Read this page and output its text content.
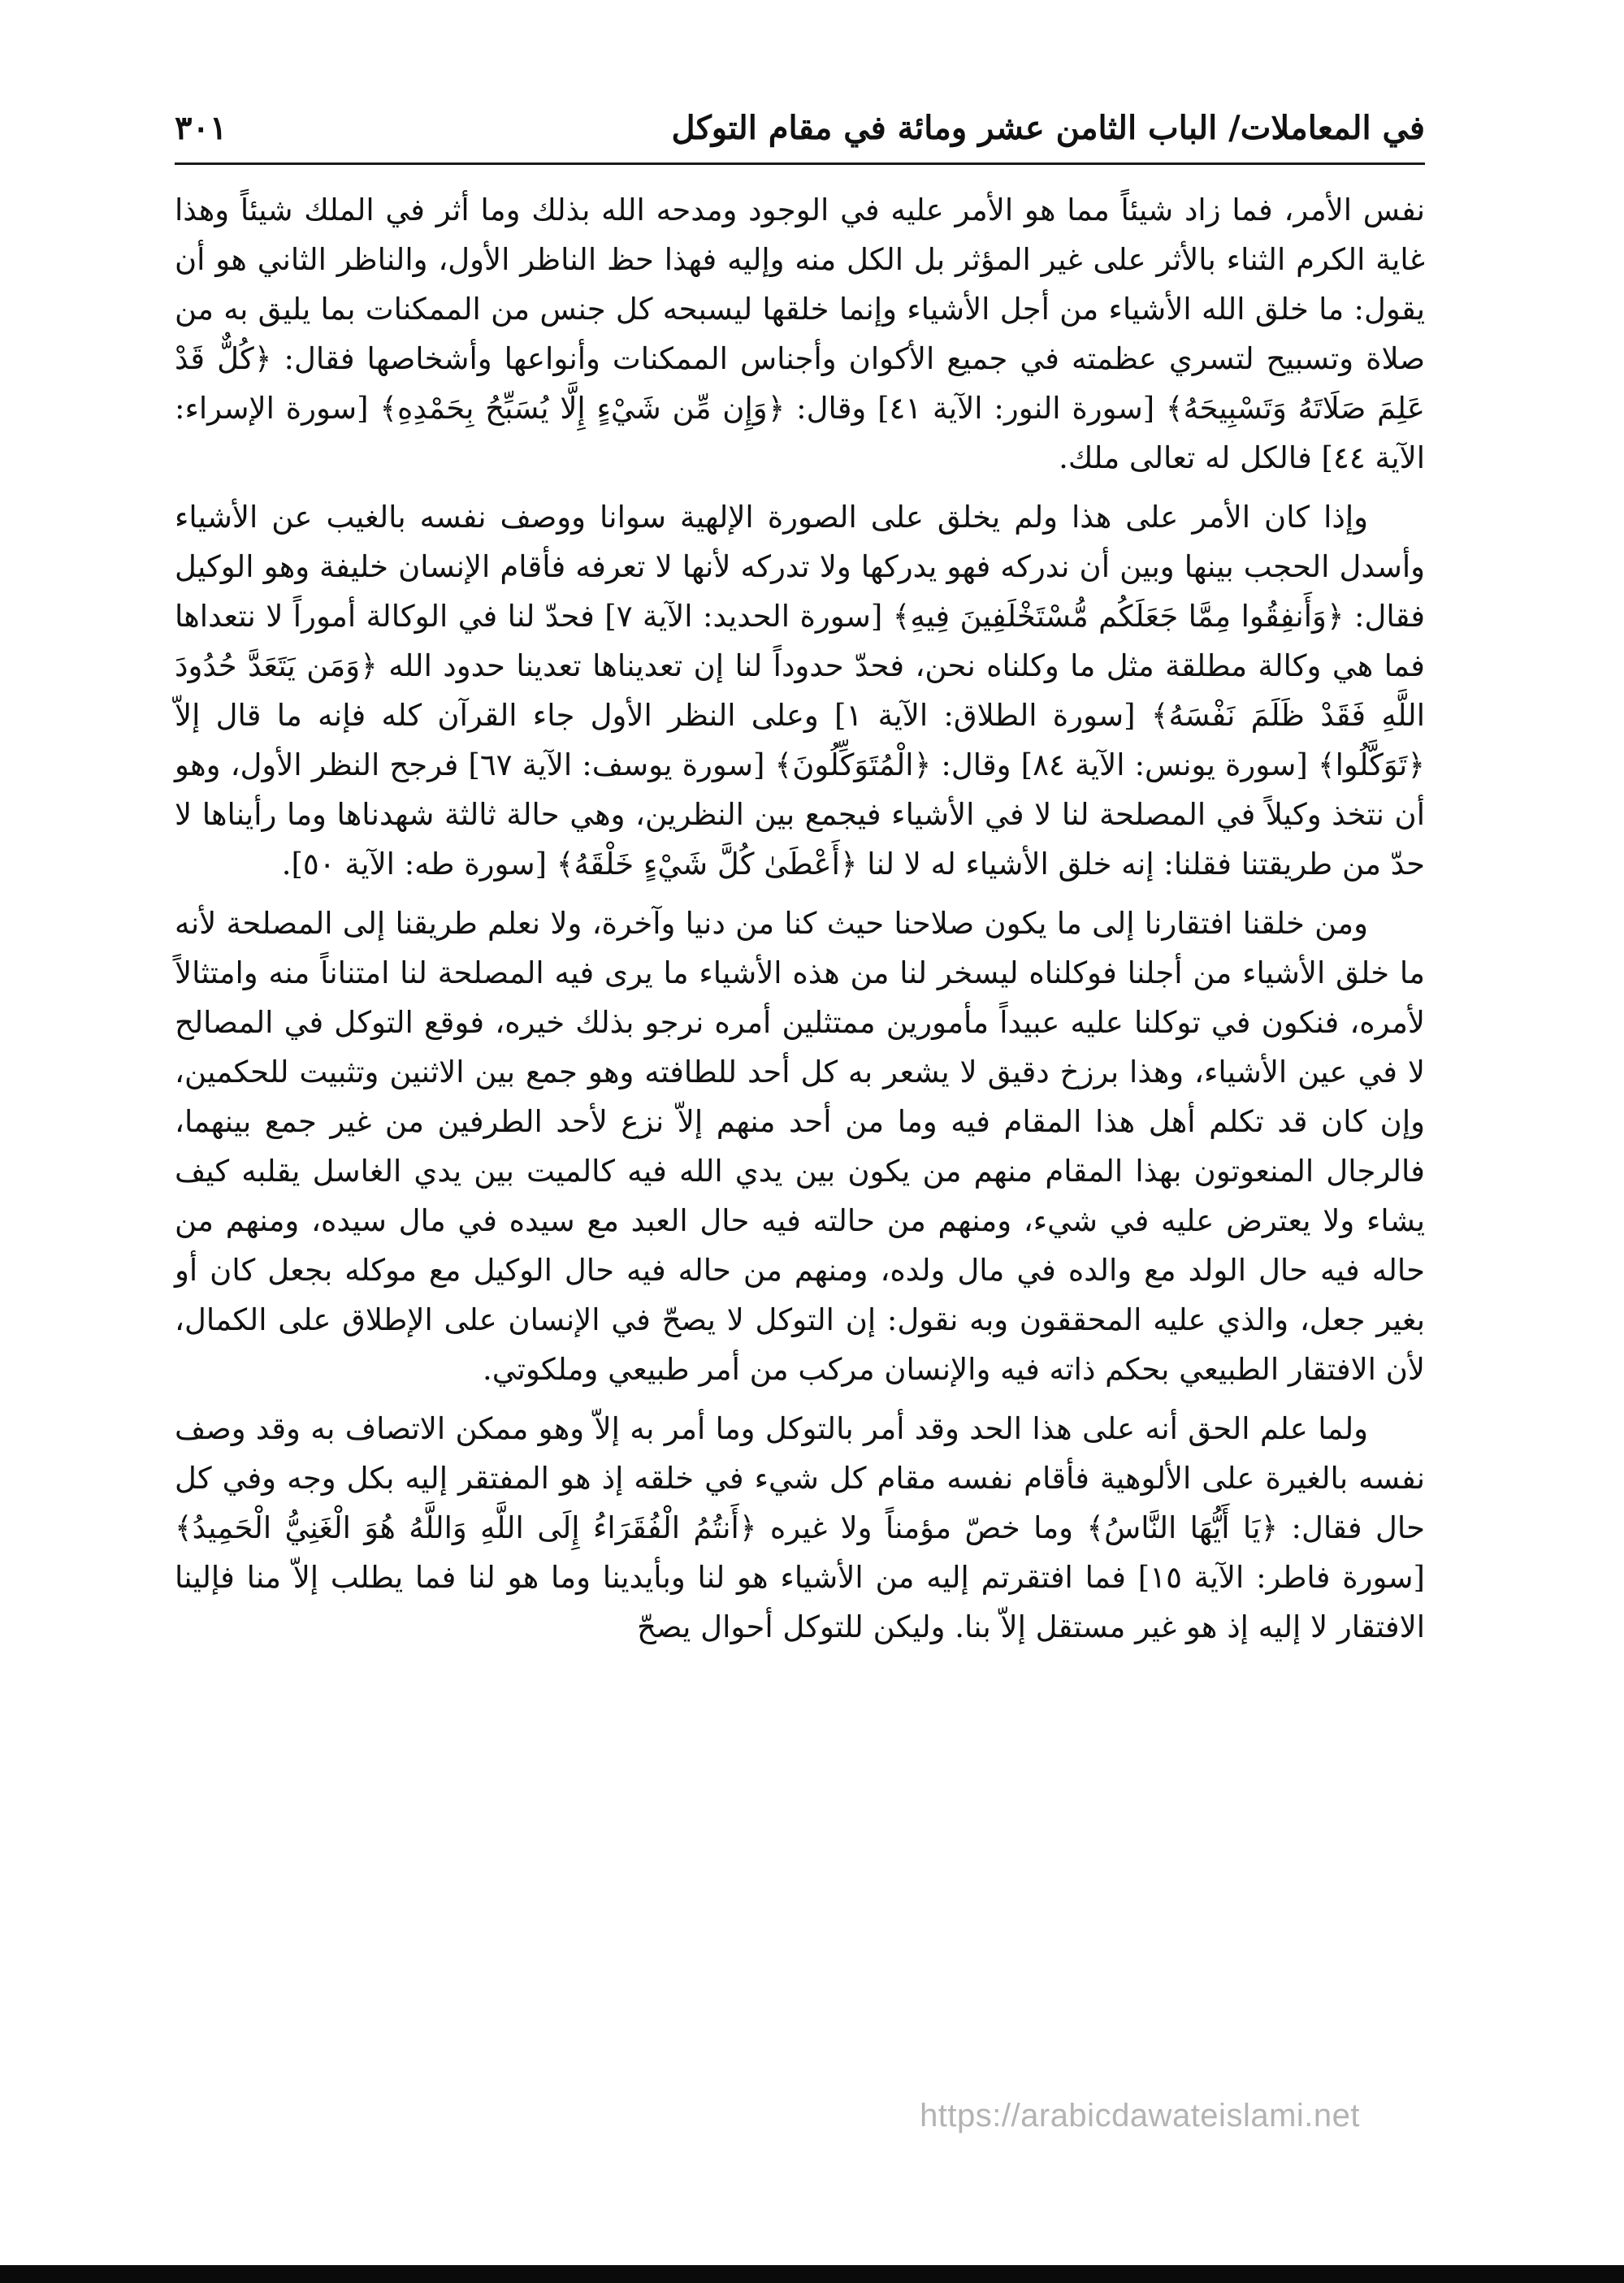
في المعاملات/ الباب الثامن عشر ومائة في مقام التوكل
٣٠١

نفس الأمر، فما زاد شيئاً مما هو الأمر عليه في الوجود ومدحه الله بذلك وما أثر في الملك شيئاً وهذا غاية الكرم الثناء بالأثر على غير المؤثر بل الكل منه وإليه فهذا حظ الناظر الأول، والناظر الثاني هو أن يقول: ما خلق الله الأشياء من أجل الأشياء وإنما خلقها ليسبحه كل جنس من الممكنات بما يليق به من صلاة وتسبيح لتسري عظمته في جميع الأكوان وأجناس الممكنات وأنواعها وأشخاصها فقال: ﴿كُلٌّ قَدْ عَلِمَ صَلَاتَهُ وَتَسْبِيحَهُ﴾ [سورة النور: الآية ٤١] وقال: ﴿وَإِن مِّن شَيْءٍ إِلَّا يُسَبِّحُ بِحَمْدِهِ﴾ [سورة الإسراء: الآية ٤٤] فالكل له تعالى ملك.

وإذا كان الأمر على هذا ولم يخلق على الصورة الإلهية سوانا ووصف نفسه بالغيب عن الأشياء وأسدل الحجب بينها وبين أن ندركه فهو يدركها ولا تدركه لأنها لا تعرفه فأقام الإنسان خليفة وهو الوكيل فقال: ﴿وَأَنفِقُوا مِمَّا جَعَلَكُم مُّسْتَخْلَفِينَ فِيهِ﴾ [سورة الحديد: الآية ٧] فحدّ لنا في الوكالة أموراً لا نتعداها فما هي وكالة مطلقة مثل ما وكلناه نحن، فحدّ حدوداً لنا إن تعديناها تعدينا حدود الله ﴿وَمَن يَتَعَدَّ حُدُودَ اللَّهِ فَقَدْ ظَلَمَ نَفْسَهُ﴾ [سورة الطلاق: الآية ١] وعلى النظر الأول جاء القرآن كله فإنه ما قال إلاّ ﴿تَوَكَّلُوا﴾ [سورة يونس: الآية ٨٤] وقال: ﴿الْمُتَوَكِّلُونَ﴾ [سورة يوسف: الآية ٦٧] فرجح النظر الأول، وهو أن نتخذ وكيلاً في المصلحة لنا لا في الأشياء فيجمع بين النظرين، وهي حالة ثالثة شهدناها وما رأيناها لا حدّ من طريقتنا فقلنا: إنه خلق الأشياء له لا لنا ﴿أَعْطَىٰ كُلَّ شَيْءٍ خَلْقَهُ﴾ [سورة طه: الآية ٥٠].

ومن خلقنا افتقارنا إلى ما يكون صلاحنا حيث كنا من دنيا وآخرة، ولا نعلم طريقنا إلى المصلحة لأنه ما خلق الأشياء من أجلنا فوكلناه ليسخر لنا من هذه الأشياء ما يرى فيه المصلحة لنا امتناناً منه وامتثالاً لأمره، فنكون في توكلنا عليه عبيداً مأمورين ممتثلين أمره نرجو بذلك خيره، فوقع التوكل في المصالح لا في عين الأشياء، وهذا برزخ دقيق لا يشعر به كل أحد للطافته وهو جمع بين الاثنين وتثبيت للحكمين، وإن كان قد تكلم أهل هذا المقام فيه وما من أحد منهم إلاّ نزع لأحد الطرفين من غير جمع بينهما، فالرجال المنعوتون بهذا المقام منهم من يكون بين يدي الله فيه كالميت بين يدي الغاسل يقلبه كيف يشاء ولا يعترض عليه في شيء، ومنهم من حالته فيه حال العبد مع سيده في مال سيده، ومنهم من حاله فيه حال الولد مع والده في مال ولده، ومنهم من حاله فيه حال الوكيل مع موكله بجعل كان أو بغير جعل، والذي عليه المحققون وبه نقول: إن التوكل لا يصحّ في الإنسان على الإطلاق على الكمال، لأن الافتقار الطبيعي بحكم ذاته فيه والإنسان مركب من أمر طبيعي وملكوتي.

ولما علم الحق أنه على هذا الحد وقد أمر بالتوكل وما أمر به إلاّ وهو ممكن الاتصاف به وقد وصف نفسه بالغيرة على الألوهية فأقام نفسه مقام كل شيء في خلقه إذ هو المفتقر إليه بكل وجه وفي كل حال فقال: ﴿يَا أَيُّهَا النَّاسُ﴾ وما خصّ مؤمناً ولا غيره ﴿أَنتُمُ الْفُقَرَاءُ إِلَى اللَّهِ وَاللَّهُ هُوَ الْغَنِيُّ الْحَمِيدُ﴾ [سورة فاطر: الآية ١٥] فما افتقرتم إليه من الأشياء هو لنا وبأيدينا وما هو لنا فما يطلب إلاّ منا فإلينا الافتقار لا إليه إذ هو غير مستقل إلاّ بنا. وليكن للتوكل أحوال يصحّ

https://arabicdawateislami.net
